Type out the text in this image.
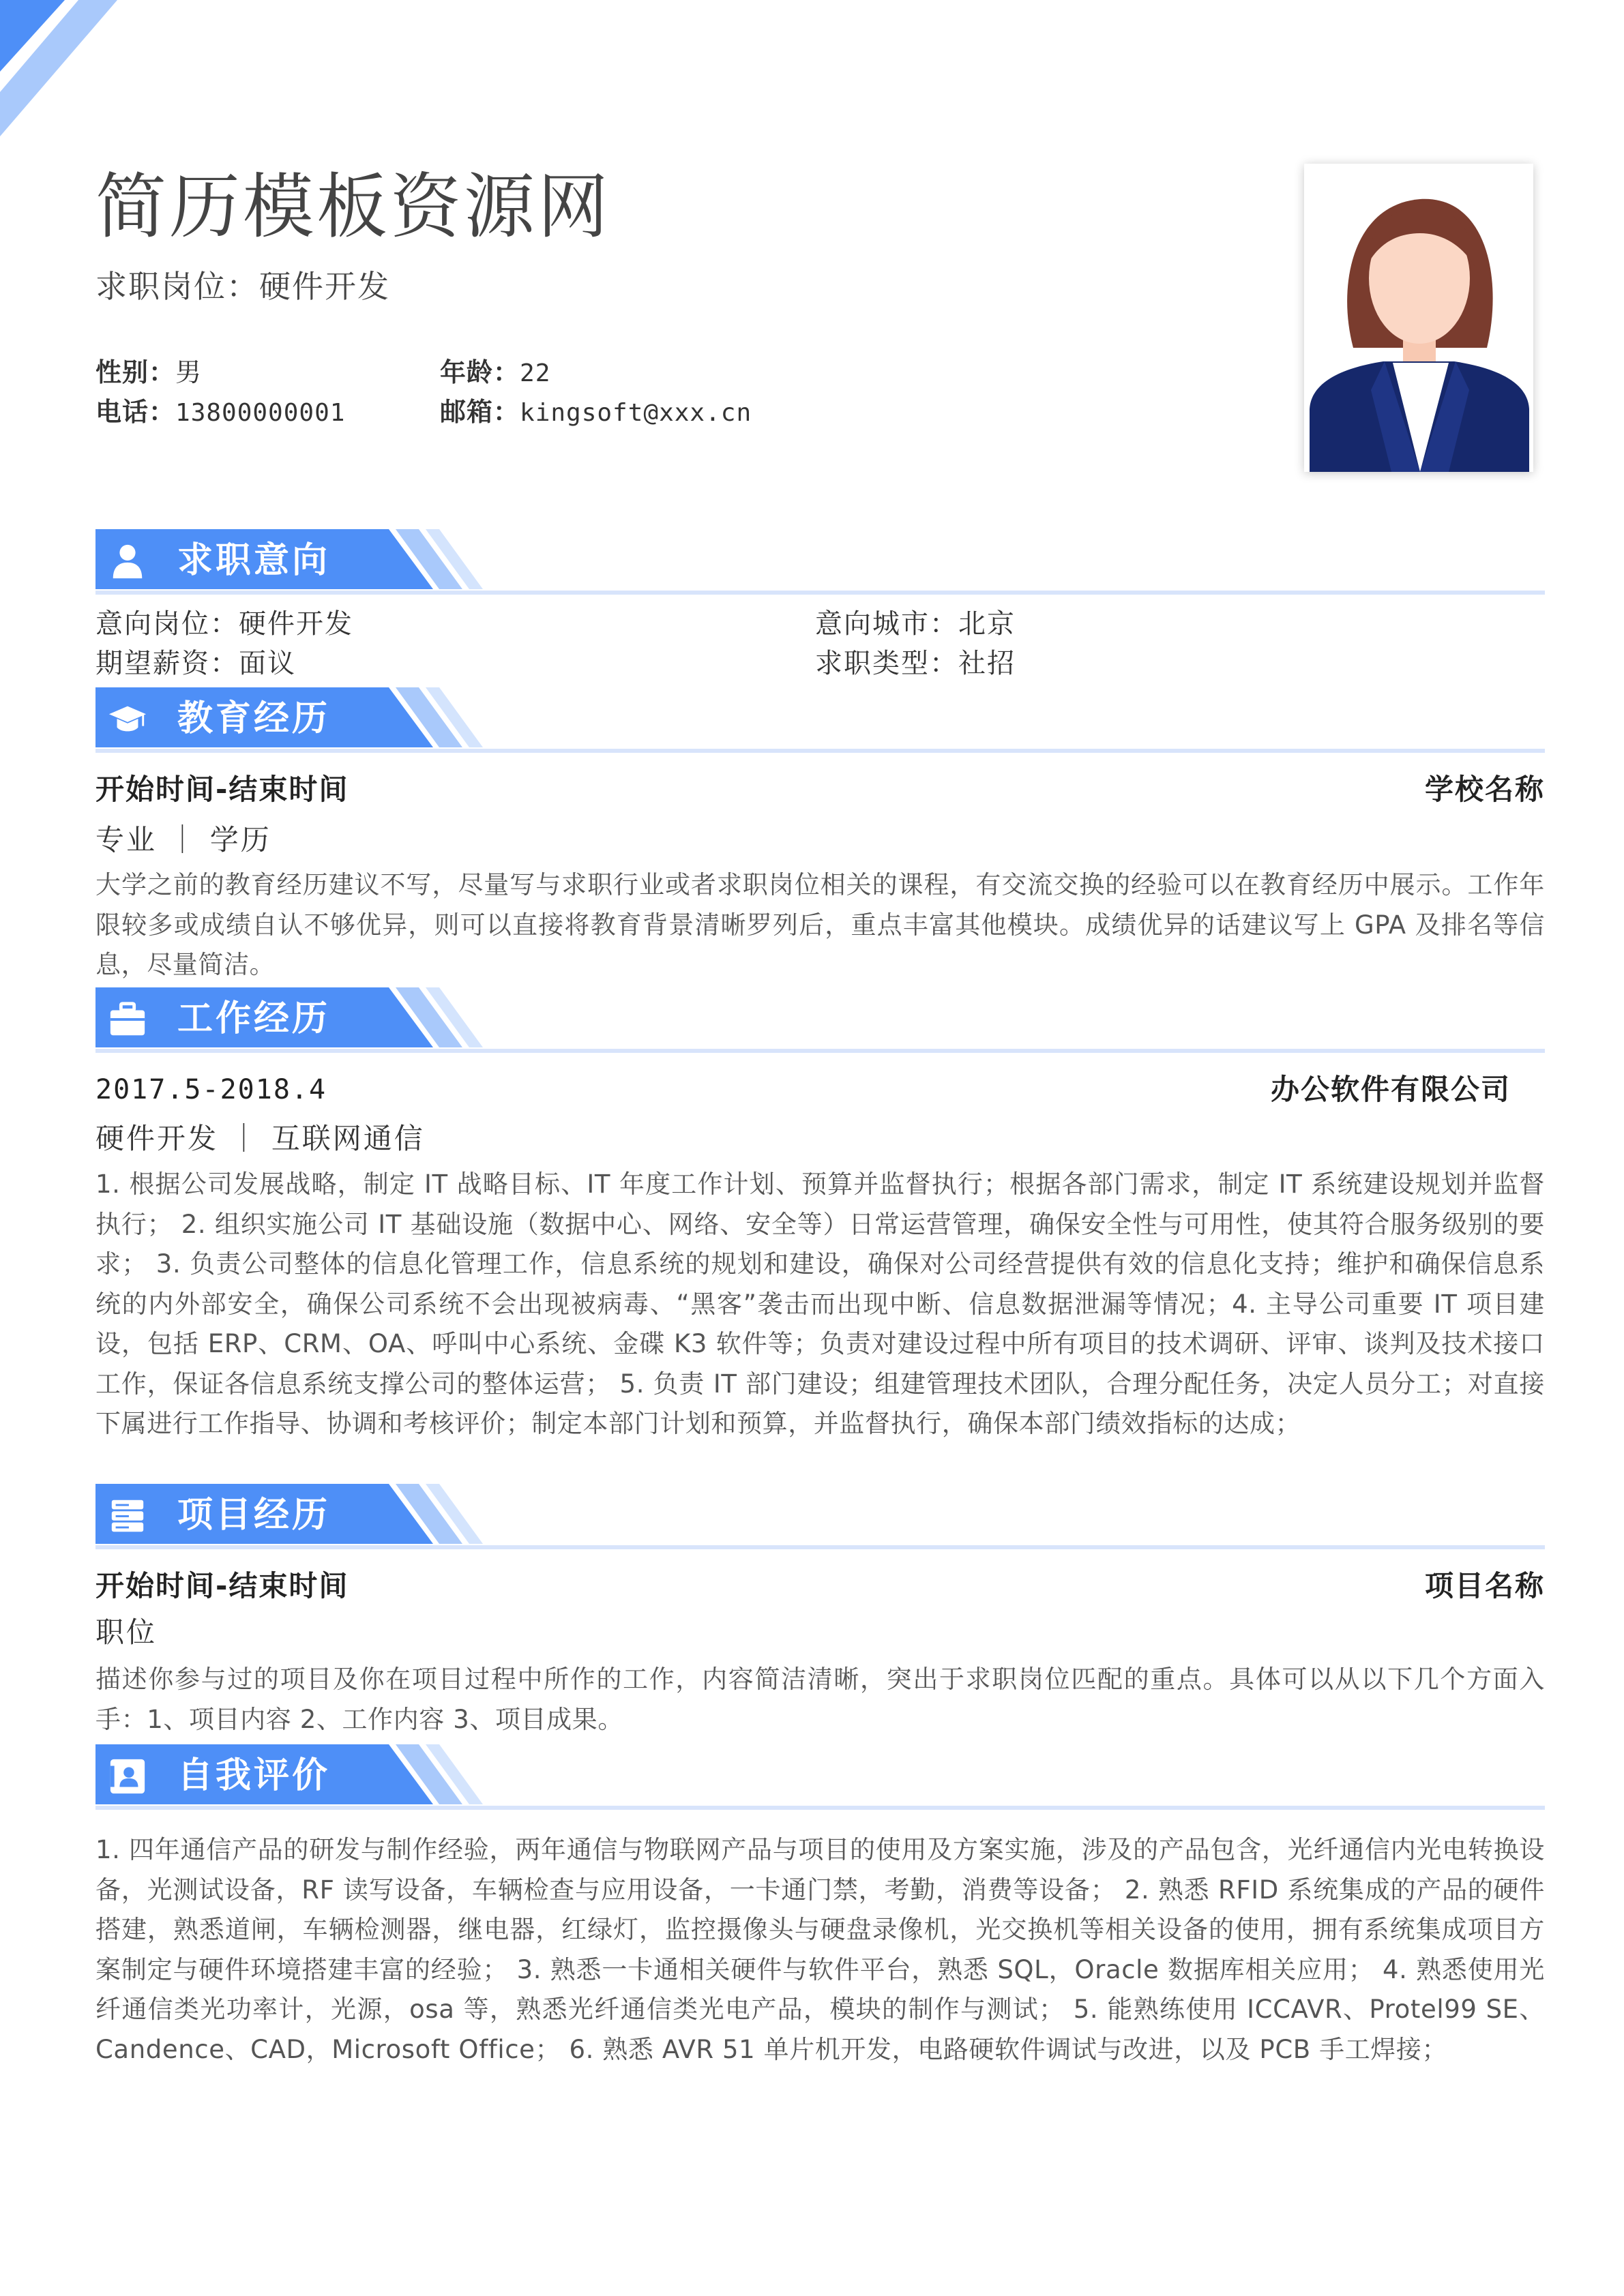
简历模板资源网
求职岗位：硬件开发
性别：男	年龄：22
电话：13800000001	邮箱：kingsoft@xxx.cn
求职意向
意向岗位：硬件开发	意向城市：北京
期望薪资：面议	求职类型：社招
教育经历
开始时间-结束时间	学校名称
专业 ｜ 学历

大学之前的教育经历建议不写，尽量写与求职行业或者求职岗位相关的课程，有交流交换的经验可以在教育经历中展示。工作年限较多或成绩自认不够优异，则可以直接将教育背景清晰罗列后，重点丰富其他模块。成绩优异的话建议写上 GPA 及排名等信息，尽量简洁。

工作经历
2017.5-2018.4	办公软件有限公司
硬件开发 ｜ 互联网通信

1. 根据公司发展战略，制定 IT 战略目标、IT 年度工作计划、预算并监督执行；根据各部门需求，制定 IT 系统建设规划并监督执行； 2. 组织实施公司 IT 基础设施（数据中心、网络、安全等）日常运营管理，确保安全性与可用性，使其符合服务级别的要求； 3. 负责公司整体的信息化管理工作，信息系统的规划和建设，确保对公司经营提供有效的信息化支持；维护和确保信息系统的内外部安全，确保公司系统不会出现被病毒、“黑客”袭击而出现中断、信息数据泄漏等情况；4. 主导公司重要 IT 项目建设，包括 ERP、CRM、OA、呼叫中心系统、金碟 K3 软件等；负责对建设过程中所有项目的技术调研、评审、谈判及技术接口工作，保证各信息系统支撑公司的整体运营； 5. 负责 IT 部门建设；组建管理技术团队，合理分配任务，决定人员分工；对直接下属进行工作指导、协调和考核评价；制定本部门计划和预算，并监督执行，确保本部门绩效指标的达成；

项目经历
开始时间-结束时间	项目名称
职位

描述你参与过的项目及你在项目过程中所作的工作，内容简洁清晰，突出于求职岗位匹配的重点。具体可以从以下几个方面入手：1、项目内容 2、工作内容 3、项目成果。

自我评价

1. 四年通信产品的研发与制作经验，两年通信与物联网产品与项目的使用及方案实施，涉及的产品包含，光纤通信内光电转换设备，光测试设备，RF 读写设备，车辆检查与应用设备，一卡通门禁，考勤，消费等设备； 2. 熟悉 RFID 系统集成的产品的硬件搭建，熟悉道闸，车辆检测器，继电器，红绿灯，监控摄像头与硬盘录像机，光交换机等相关设备的使用，拥有系统集成项目方案制定与硬件环境搭建丰富的经验； 3. 熟悉一卡通相关硬件与软件平台，熟悉 SQL，Oracle 数据库相关应用； 4. 熟悉使用光纤通信类光功率计，光源，osa 等，熟悉光纤通信类光电产品，模块的制作与测试； 5. 能熟练使用 ICCAVR、Protel99 SE、Candence、CAD，Microsoft Office； 6. 熟悉 AVR 51 单片机开发，电路硬软件调试与改进，以及 PCB 手工焊接；
